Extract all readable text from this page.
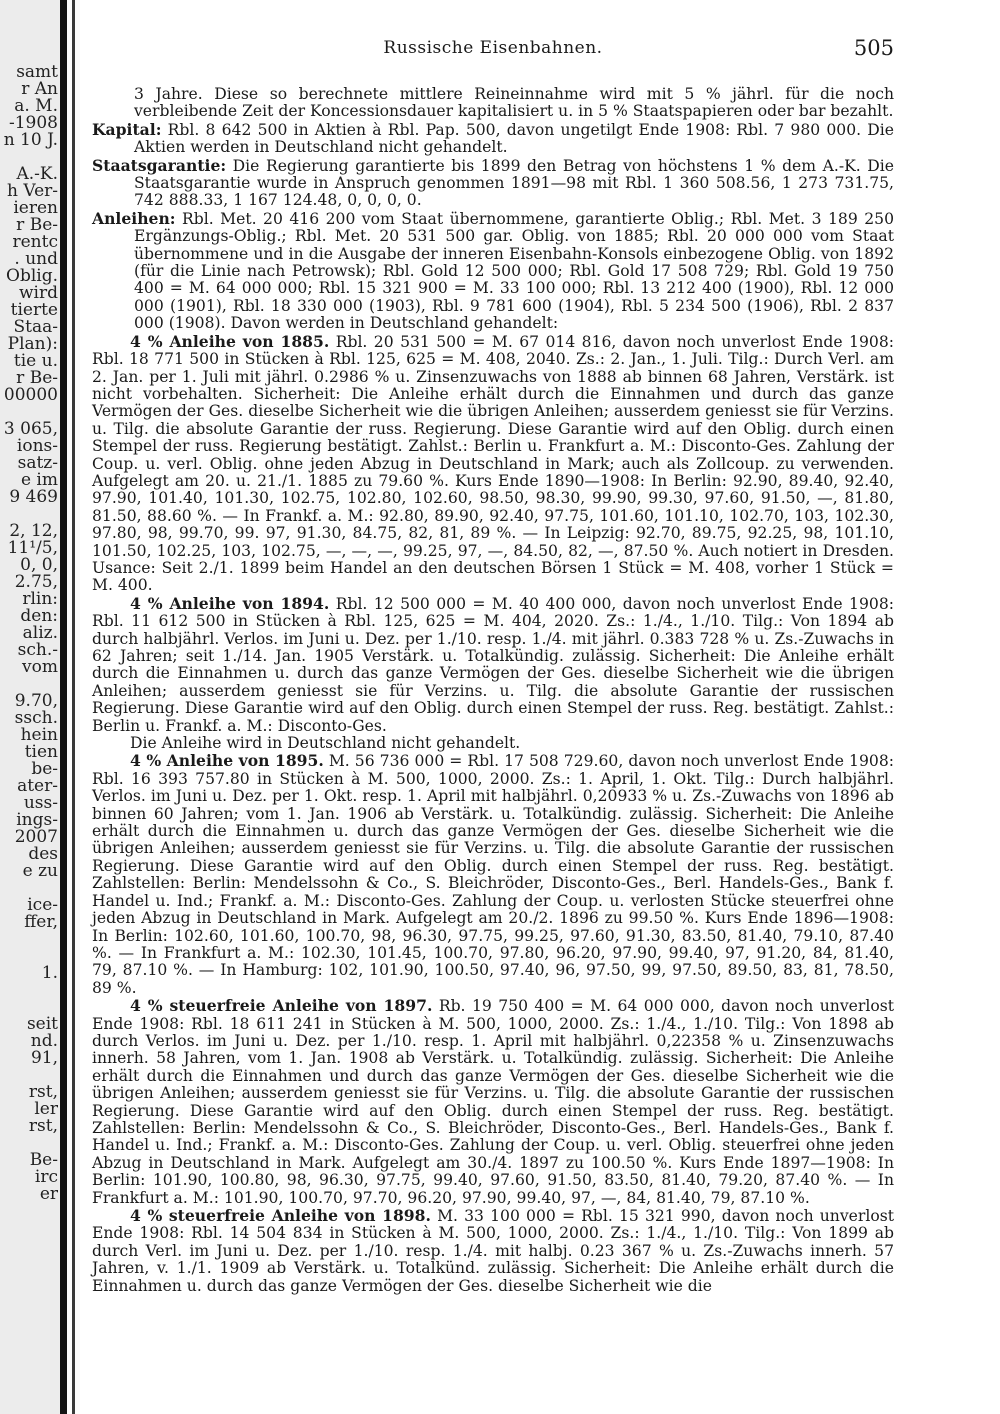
samt
r An
a. M.
-1908
n 10 J.

A.-K.
h Ver-
ieren
r Be-
rentc
. und
Oblig.
wird
tierte
Staa-
Plan):
tie u.
r Be-
00000

3 065,
ions-
satz-
e im
9 469

2, 12,
11¹/5,
0, 0,
2.75,
rlin:
den:
aliz.
sch.-
vom

9.70,
ssch.
hein
tien
be-
ater-
uss-
ings-
2007
des
e zu

ice-
ffer,

1.

seit
nd.
91,

rst,
ler
rst,

Be-
irc
er
Russische Eisenbahnen.	505

3 Jahre. Diese so berechnete mittlere Reineinnahme wird mit 5 % jährl. für die noch verbleibende Zeit der Koncessionsdauer kapitalisiert u. in 5 % Staatspapieren oder bar bezahlt.

Kapital: Rbl. 8 642 500 in Aktien à Rbl. Pap. 500, davon ungetilgt Ende 1908: Rbl. 7 980 000. Die Aktien werden in Deutschland nicht gehandelt.

Staatsgarantie: Die Regierung garantierte bis 1899 den Betrag von höchstens 1 % dem A.-K. Die Staatsgarantie wurde in Anspruch genommen 1891—98 mit Rbl. 1 360 508.56, 1 273 731.75, 742 888.33, 1 167 124.48, 0, 0, 0, 0.

Anleihen: Rbl. Met. 20 416 200 vom Staat übernommene, garantierte Oblig.; Rbl. Met. 3 189 250 Ergänzungs-Oblig.; Rbl. Met. 20 531 500 gar. Oblig. von 1885; Rbl. 20 000 000 vom Staat übernommene und in die Ausgabe der inneren Eisenbahn-Konsols einbezogene Oblig. von 1892 (für die Linie nach Petrowsk); Rbl. Gold 12 500 000; Rbl. Gold 17 508 729; Rbl. Gold 19 750 400 = M. 64 000 000; Rbl. 15 321 900 = M. 33 100 000; Rbl. 13 212 400 (1900), Rbl. 12 000 000 (1901), Rbl. 18 330 000 (1903), Rbl. 9 781 600 (1904), Rbl. 5 234 500 (1906), Rbl. 2 837 000 (1908). Davon werden in Deutschland gehandelt:

4 % Anleihe von 1885. Rbl. 20 531 500 = M. 67 014 816, davon noch unverlost Ende 1908: Rbl. 18 771 500 in Stücken à Rbl. 125, 625 = M. 408, 2040. Zs.: 2. Jan., 1. Juli. Tilg.: Durch Verl. am 2. Jan. per 1. Juli mit jährl. 0.2986 % u. Zinsenzuwachs von 1888 ab binnen 68 Jahren, Verstärk. ist nicht vorbehalten. Sicherheit: Die Anleihe erhält durch die Einnahmen und durch das ganze Vermögen der Ges. dieselbe Sicherheit wie die übrigen Anleihen; ausserdem geniesst sie für Verzins. u. Tilg. die absolute Garantie der russ. Regierung. Diese Garantie wird auf den Oblig. durch einen Stempel der russ. Regierung bestätigt. Zahlst.: Berlin u. Frankfurt a. M.: Disconto-Ges. Zahlung der Coup. u. verl. Oblig. ohne jeden Abzug in Deutschland in Mark; auch als Zollcoup. zu verwenden. Aufgelegt am 20. u. 21./1. 1885 zu 79.60 %. Kurs Ende 1890—1908: In Berlin: 92.90, 89.40, 92.40, 97.90, 101.40, 101.30, 102.75, 102.80, 102.60, 98.50, 98.30, 99.90, 99.30, 97.60, 91.50, —, 81.80, 81.50, 88.60 %. — In Frankf. a. M.: 92.80, 89.90, 92.40, 97.75, 101.60, 101.10, 102.70, 103, 102.30, 97.80, 98, 99.70, 99. 97, 91.30, 84.75, 82, 81, 89 %. — In Leipzig: 92.70, 89.75, 92.25, 98, 101.10, 101.50, 102.25, 103, 102.75, —, —, —, 99.25, 97, —, 84.50, 82, —, 87.50 %. Auch notiert in Dresden. Usance: Seit 2./1. 1899 beim Handel an den deutschen Börsen 1 Stück = M. 408, vorher 1 Stück = M. 400.

4 % Anleihe von 1894. Rbl. 12 500 000 = M. 40 400 000, davon noch unverlost Ende 1908: Rbl. 11 612 500 in Stücken à Rbl. 125, 625 = M. 404, 2020. Zs.: 1./4., 1./10. Tilg.: Von 1894 ab durch halbjährl. Verlos. im Juni u. Dez. per 1./10. resp. 1./4. mit jährl. 0.383 728 % u. Zs.-Zuwachs in 62 Jahren; seit 1./14. Jan. 1905 Verstärk. u. Totalkündig. zulässig. Sicherheit: Die Anleihe erhält durch die Einnahmen u. durch das ganze Vermögen der Ges. dieselbe Sicherheit wie die übrigen Anleihen; ausserdem geniesst sie für Verzins. u. Tilg. die absolute Garantie der russischen Regierung. Diese Garantie wird auf den Oblig. durch einen Stempel der russ. Reg. bestätigt. Zahlst.: Berlin u. Frankf. a. M.: Disconto-Ges.

Die Anleihe wird in Deutschland nicht gehandelt.

4 % Anleihe von 1895. M. 56 736 000 = Rbl. 17 508 729.60, davon noch unverlost Ende 1908: Rbl. 16 393 757.80 in Stücken à M. 500, 1000, 2000. Zs.: 1. April, 1. Okt. Tilg.: Durch halbjährl. Verlos. im Juni u. Dez. per 1. Okt. resp. 1. April mit halbjährl. 0,20933 % u. Zs.-Zuwachs von 1896 ab binnen 60 Jahren; vom 1. Jan. 1906 ab Verstärk. u. Totalkündig. zulässig. Sicherheit: Die Anleihe erhält durch die Einnahmen u. durch das ganze Vermögen der Ges. dieselbe Sicherheit wie die übrigen Anleihen; ausserdem geniesst sie für Verzins. u. Tilg. die absolute Garantie der russischen Regierung. Diese Garantie wird auf den Oblig. durch einen Stempel der russ. Reg. bestätigt. Zahlstellen: Berlin: Mendelssohn & Co., S. Bleichröder, Disconto-Ges., Berl. Handels-Ges., Bank f. Handel u. Ind.; Frankf. a. M.: Disconto-Ges. Zahlung der Coup. u. verlosten Stücke steuerfrei ohne jeden Abzug in Deutschland in Mark. Aufgelegt am 20./2. 1896 zu 99.50 %. Kurs Ende 1896—1908: In Berlin: 102.60, 101.60, 100.70, 98, 96.30, 97.75, 99.25, 97.60, 91.30, 83.50, 81.40, 79.10, 87.40 %. — In Frankfurt a. M.: 102.30, 101.45, 100.70, 97.80, 96.20, 97.90, 99.40, 97, 91.20, 84, 81.40, 79, 87.10 %. — In Hamburg: 102, 101.90, 100.50, 97.40, 96, 97.50, 99, 97.50, 89.50, 83, 81, 78.50, 89 %.

4 % steuerfreie Anleihe von 1897. Rb. 19 750 400 = M. 64 000 000, davon noch unverlost Ende 1908: Rbl. 18 611 241 in Stücken à M. 500, 1000, 2000. Zs.: 1./4., 1./10. Tilg.: Von 1898 ab durch Verlos. im Juni u. Dez. per 1./10. resp. 1. April mit halbjährl. 0,22358 % u. Zinsenzuwachs innerh. 58 Jahren, vom 1. Jan. 1908 ab Verstärk. u. Totalkündig. zulässig. Sicherheit: Die Anleihe erhält durch die Einnahmen und durch das ganze Vermögen der Ges. dieselbe Sicherheit wie die übrigen Anleihen; ausserdem geniesst sie für Verzins. u. Tilg. die absolute Garantie der russischen Regierung. Diese Garantie wird auf den Oblig. durch einen Stempel der russ. Reg. bestätigt. Zahlstellen: Berlin: Mendelssohn & Co., S. Bleichröder, Disconto-Ges., Berl. Handels-Ges., Bank f. Handel u. Ind.; Frankf. a. M.: Disconto-Ges. Zahlung der Coup. u. verl. Oblig. steuerfrei ohne jeden Abzug in Deutschland in Mark. Aufgelegt am 30./4. 1897 zu 100.50 %. Kurs Ende 1897—1908: In Berlin: 101.90, 100.80, 98, 96.30, 97.75, 99.40, 97.60, 91.50, 83.50, 81.40, 79.20, 87.40 %. — In Frankfurt a. M.: 101.90, 100.70, 97.70, 96.20, 97.90, 99.40, 97, —, 84, 81.40, 79, 87.10 %.

4 % steuerfreie Anleihe von 1898. M. 33 100 000 = Rbl. 15 321 990, davon noch unverlost Ende 1908: Rbl. 14 504 834 in Stücken à M. 500, 1000, 2000. Zs.: 1./4., 1./10. Tilg.: Von 1899 ab durch Verl. im Juni u. Dez. per 1./10. resp. 1./4. mit halbj. 0.23 367 % u. Zs.-Zuwachs innerh. 57 Jahren, v. 1./1. 1909 ab Verstärk. u. Totalkünd. zulässig. Sicherheit: Die Anleihe erhält durch die Einnahmen u. durch das ganze Vermögen der Ges. dieselbe Sicherheit wie die
